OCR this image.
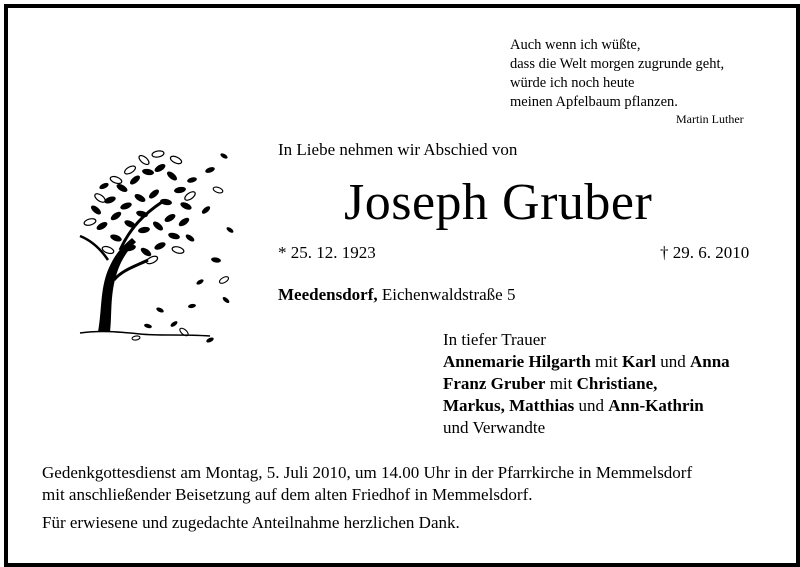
Auch wenn ich wüßte,
dass die Welt morgen zugrunde geht,
würde ich noch heute
meinen Apfelbaum pflanzen.
Martin Luther
In Liebe nehmen wir Abschied von
Joseph Gruber
* 25. 12. 1923	† 29. 6. 2010
Meedensdorf, Eichenwaldstraße 5
In tiefer Trauer
Annemarie Hilgarth mit Karl und Anna
Franz Gruber mit Christiane,
Markus, Matthias und Ann-Kathrin
und Verwandte
Gedenkgottesdienst am Montag, 5. Juli 2010, um 14.00 Uhr in der Pfarrkirche in Memmelsdorf
mit anschließender Beisetzung auf dem alten Friedhof in Memmelsdorf.
Für erwiesene und zugedachte Anteilnahme herzlichen Dank.
